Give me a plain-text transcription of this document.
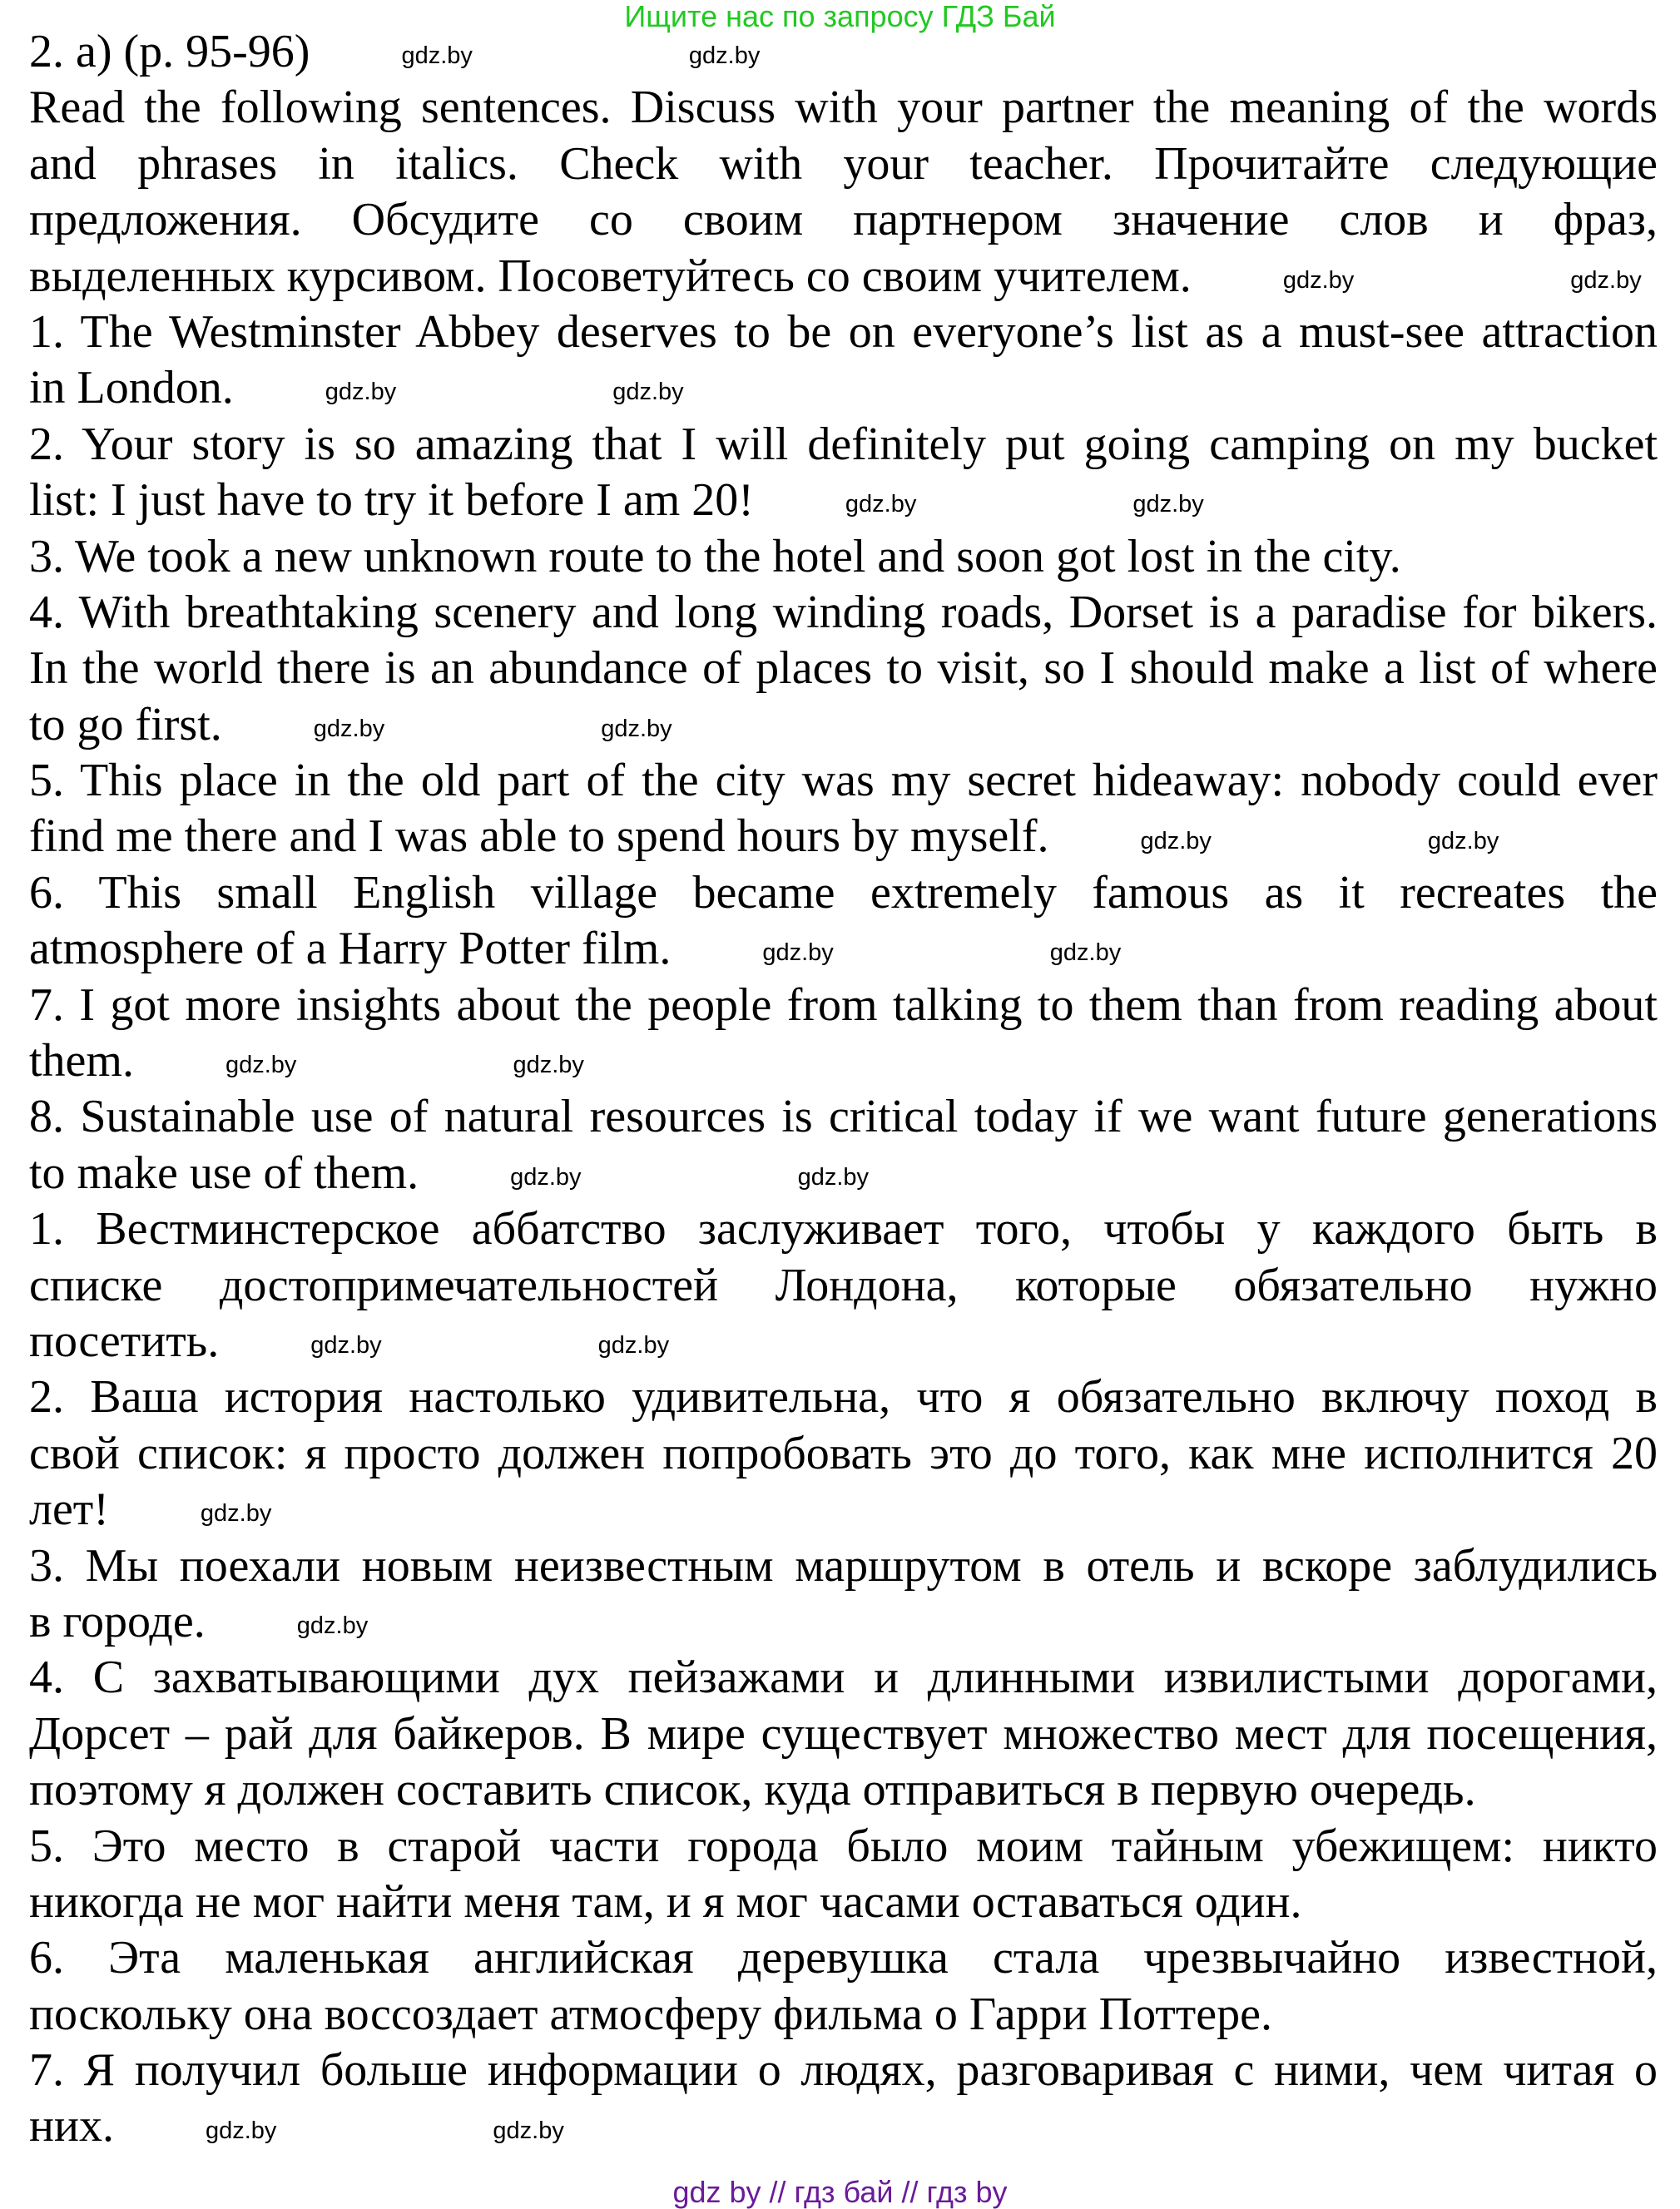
Ищите нас по запросу ГДЗ Бай
2. а) (p. 95-96)	gdz.by	gdz.by
Read the following sentences. Discuss with your partner the meaning of the words
and phrases in italics. Check with your teacher. Прочитайте следующие
предложения. Обсудите со своим партнером значение слов и фраз,
выделенных курсивом. Посоветуйтесь со своим учителем.	gdz.by	gdz.by
1. The Westminster Abbey deserves to be on everyone’s list as a must-see attraction
in London.	gdz.by	gdz.by
2. Your story is so amazing that I will definitely put going camping on my bucket
list: I just have to try it before I am 20!	gdz.by	gdz.by
3. We took a new unknown route to the hotel and soon got lost in the city.
4. With breathtaking scenery and long winding roads, Dorset is a paradise for bikers.
In the world there is an abundance of places to visit, so I should make a list of where
to go first.	gdz.by	gdz.by
5. This place in the old part of the city was my secret hideaway: nobody could ever
find me there and I was able to spend hours by myself.	gdz.by	gdz.by
6. This small English village became extremely famous as it recreates the
atmosphere of a Harry Potter film.	gdz.by	gdz.by
7. I got more insights about the people from talking to them than from reading about
them.	gdz.by	gdz.by
8. Sustainable use of natural resources is critical today if we want future generations
to make use of them.	gdz.by	gdz.by
1. Вестминстерское аббатство заслуживает того, чтобы у каждого быть в
списке достопримечательностей Лондона, которые обязательно нужно
посетить.	gdz.by	gdz.by
2. Ваша история настолько удивительна, что я обязательно включу поход в
свой список: я просто должен попробовать это до того, как мне исполнится 20
лет!	gdz.by
3. Мы поехали новым неизвестным маршрутом в отель и вскоре заблудились
в городе.	gdz.by
4. С захватывающими дух пейзажами и длинными извилистыми дорогами,
Дорсет – рай для байкеров. В мире существует множество мест для посещения,
поэтому я должен составить список, куда отправиться в первую очередь.
5. Это место в старой части города было моим тайным убежищем: никто
никогда не мог найти меня там, и я мог часами оставаться один.
6. Эта маленькая английская деревушка стала чрезвычайно известной,
поскольку она воссоздает атмосферу фильма о Гарри Поттере.
7. Я получил больше информации о людях, разговаривая с ними, чем читая о
них.	gdz.by	gdz.by
gdz by // гдз бай // гдз by
